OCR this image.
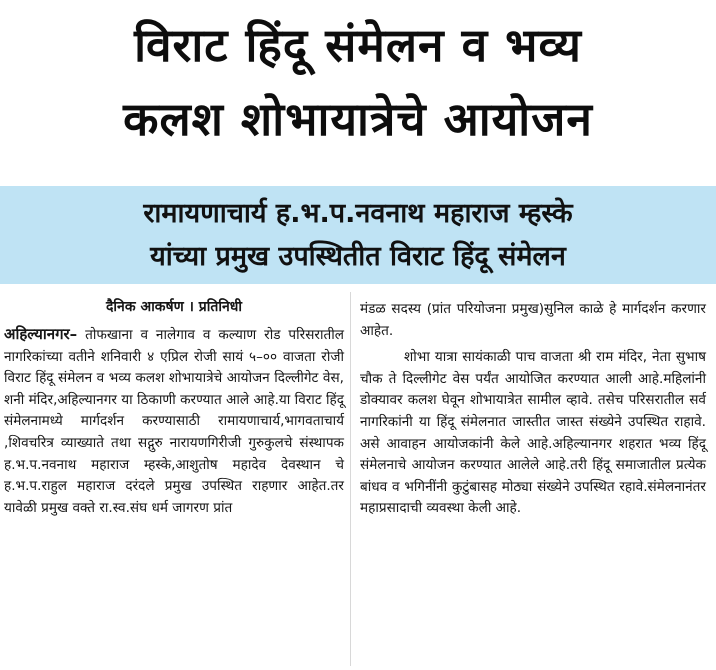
विराट हिंदू संमेलन व भव्य
कलश शोभायात्रेचे आयोजन
रामायणाचार्य ह.भ.प.नवनाथ महाराज म्हस्के
यांच्या प्रमुख उपस्थितीत विराट हिंदू संमेलन
दैनिक आकर्षण । प्रतिनिधी

अहिल्यानगर– तोफखाना व नालेगाव व कल्याण रोड परिसरातील नागरिकांच्या वतीने शनिवारी ४ एप्रिल रोजी सायं ५–०० वाजता रोजी विराट हिंदू संमेलन व भव्य कलश शोभायात्रेचे आयोजन दिल्लीगेट वेस, शनी मंदिर,अहिल्यानगर या ठिकाणी करण्यात आले आहे.या विराट हिंदू संमेलनामध्ये मार्गदर्शन करण्यासाठी रामायणाचार्य,भागवताचार्य ,शिवचरित्र व्याख्याते तथा सद्गुरु नारायणगिरीजी गुरुकुलचे संस्थापक ह.भ.प.नवनाथ महाराज म्हस्के,आशुतोष महादेव देवस्थान चे ह.भ.प.राहुल महाराज दरंदले प्रमुख उपस्थित राहणार आहेत.तर यावेळी प्रमुख वक्ते रा.स्व.संघ धर्म जागरण प्रांत

मंडळ सदस्य (प्रांत परियोजना प्रमुख)सुनिल काळे हे मार्गदर्शन करणार आहेत.

शोभा यात्रा सायंकाळी पाच वाजता श्री राम मंदिर, नेता सुभाष चौक ते दिल्लीगेट वेस पर्यंत आयोजित करण्यात आली आहे.महिलांनी डोक्यावर कलश घेवून शोभायात्रेत सामील व्हावे. तसेच परिसरातील सर्व नागरिकांनी या हिंदू संमेलनात जास्तीत जास्त संख्येने उपस्थित राहावे. असे आवाहन आयोजकांनी केले आहे.अहिल्यानगर शहरात भव्य हिंदू संमेलनाचे आयोजन करण्यात आलेले आहे.तरी हिंदू समाजातील प्रत्येक बांधव व भगिनींनी कुटुंबासह मोठ्या संख्येने उपस्थित रहावे.संमेलनानंतर महाप्रसादाची व्यवस्था केली आहे.
